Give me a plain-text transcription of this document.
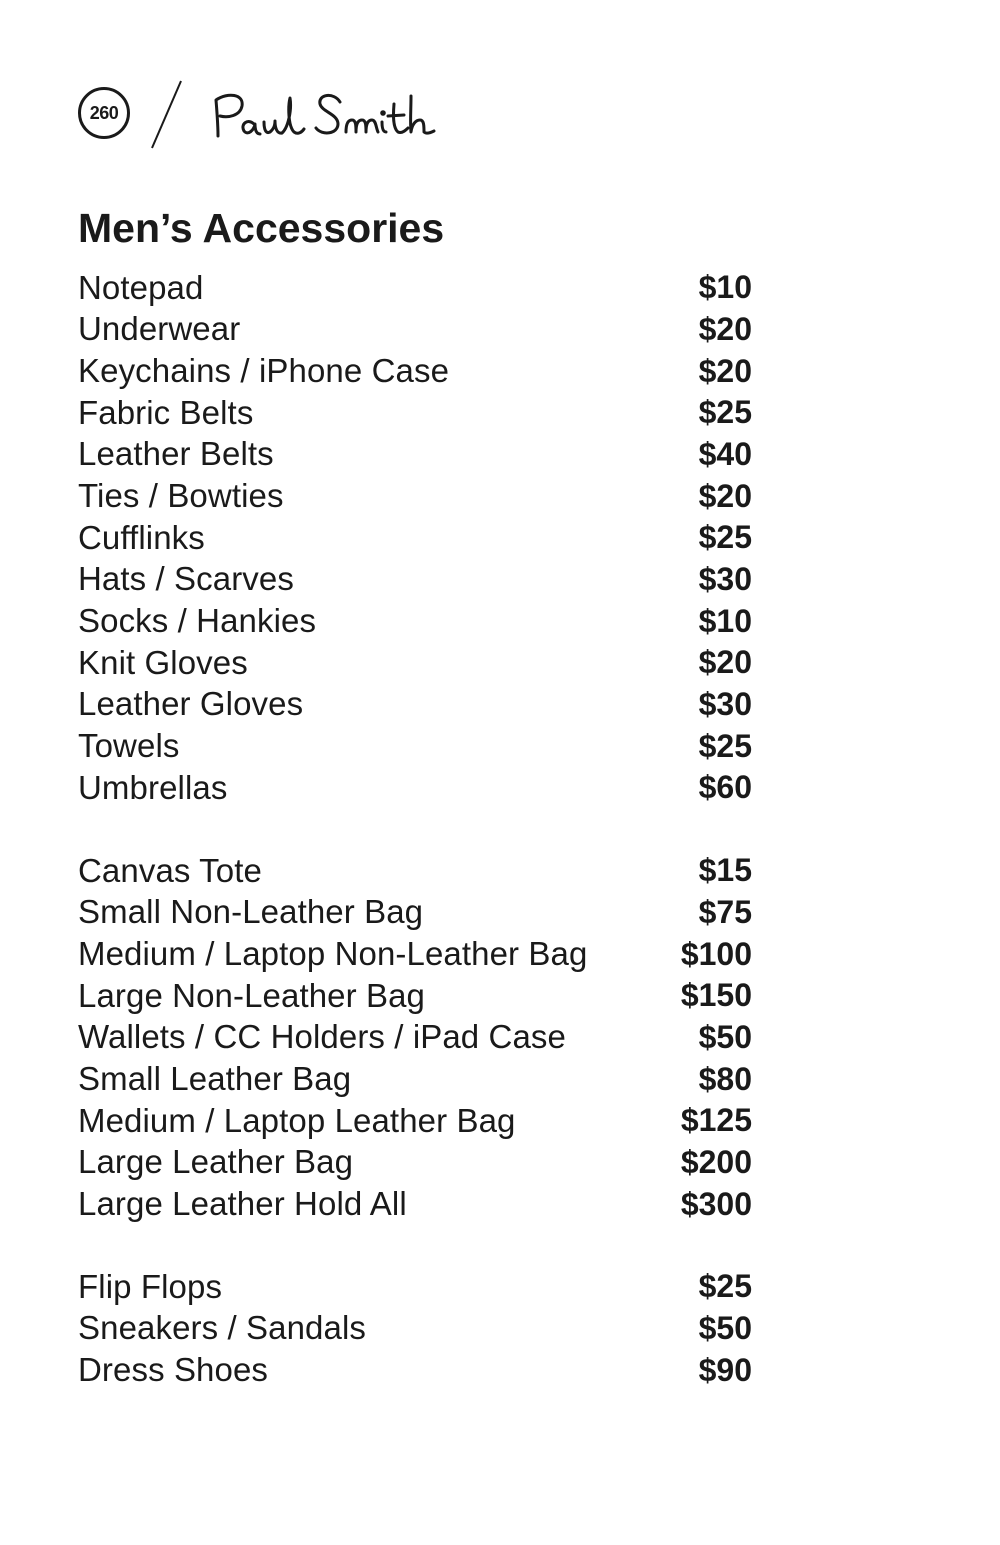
260
Men’s Accessories
Notepad	$10
Underwear	$20
Keychains / iPhone Case	$20
Fabric Belts	$25
Leather Belts	$40
Ties / Bowties	$20
Cufflinks	$25
Hats / Scarves	$30
Socks / Hankies	$10
Knit Gloves	$20
Leather Gloves	$30
Towels	$25
Umbrellas	$60
Canvas Tote	$15
Small Non-Leather Bag	$75
Medium / Laptop Non-Leather Bag	$100
Large Non-Leather Bag	$150
Wallets / CC Holders / iPad Case	$50
Small Leather Bag	$80
Medium / Laptop Leather Bag	$125
Large Leather Bag	$200
Large Leather Hold All	$300
Flip Flops	$25
Sneakers / Sandals	$50
Dress Shoes	$90
